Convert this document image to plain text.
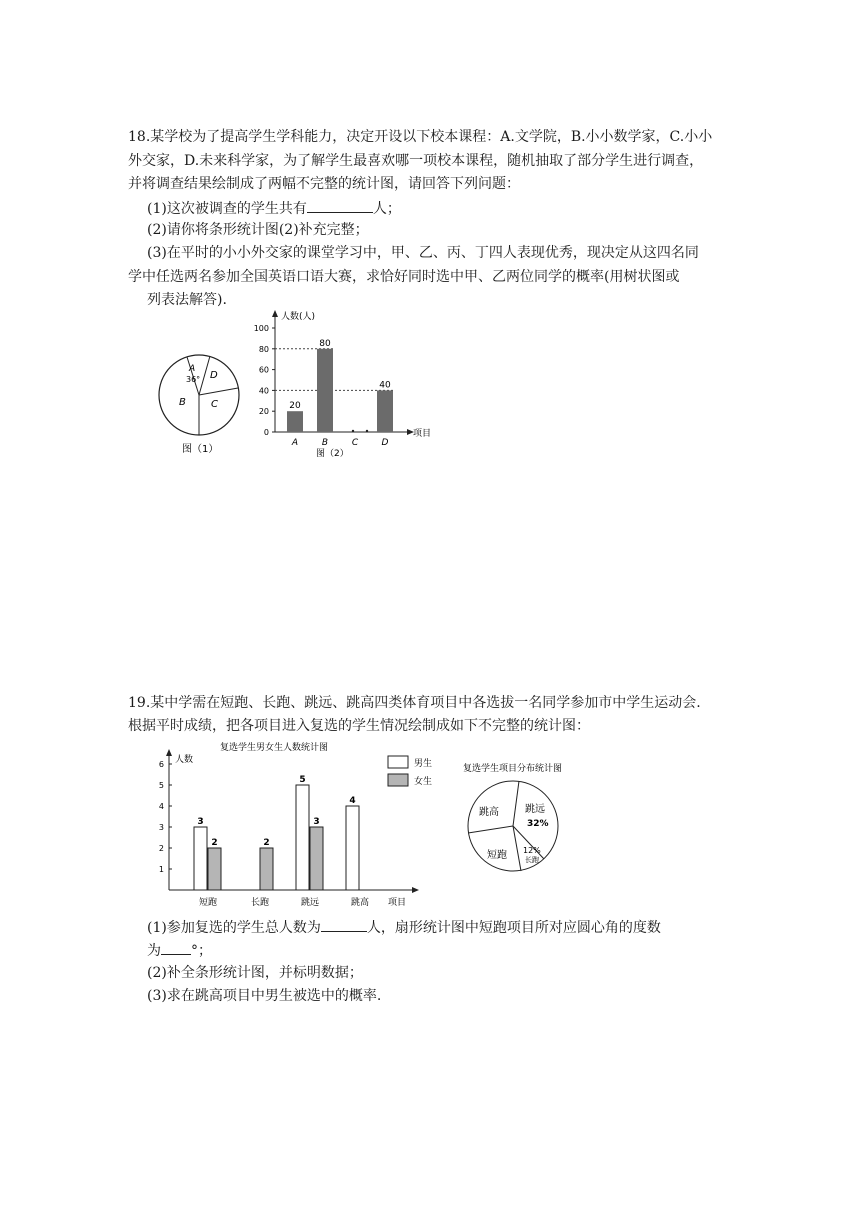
18.某学校为了提高学生学科能力，决定开设以下校本课程：A.文学院，B.小小数学家，C.小小
外交家，D.未来科学家，为了解学生最喜欢哪一项校本课程，随机抽取了部分学生进行调查，
并将调查结果绘制成了两幅不完整的统计图，请回答下列问题：
(1)这次被调查的学生共有	人；
(2)请你将条形统计图(2)补充完整；
(3)在平时的小小外交家的课堂学习中，甲、乙、丙、丁四人表现优秀，现决定从这四名同
学中任选两名参加全国英语口语大赛，求恰好同时选中甲、乙两位同学的概率(用树状图或
列表法解答).
A
D
B	C
36°
图（1）
人数(人)
项目
图（2）
0
20
40
60
80
100
20
A
80
B	C
40
D
19.某中学需在短跑、长跑、跳远、跳高四类体育项目中各选拔一名同学参加市中学生运动会.
根据平时成绩，把各项目进入复选的学生情况绘制成如下不完整的统计图：
复选学生男女生人数统计图
人数
项目
1
2
3
4
5
6
3
2
短跑
2
长跑
5
3
跳远
4
跳高
男生
女生
复选学生项目分布统计图
跳高	跳远
32%
12%
长跑
短跑
(1)参加复选的学生总人数为	人，扇形统计图中短跑项目所对应圆心角的度数
为 °；
(2)补全条形统计图，并标明数据；
(3)求在跳高项目中男生被选中的概率.
